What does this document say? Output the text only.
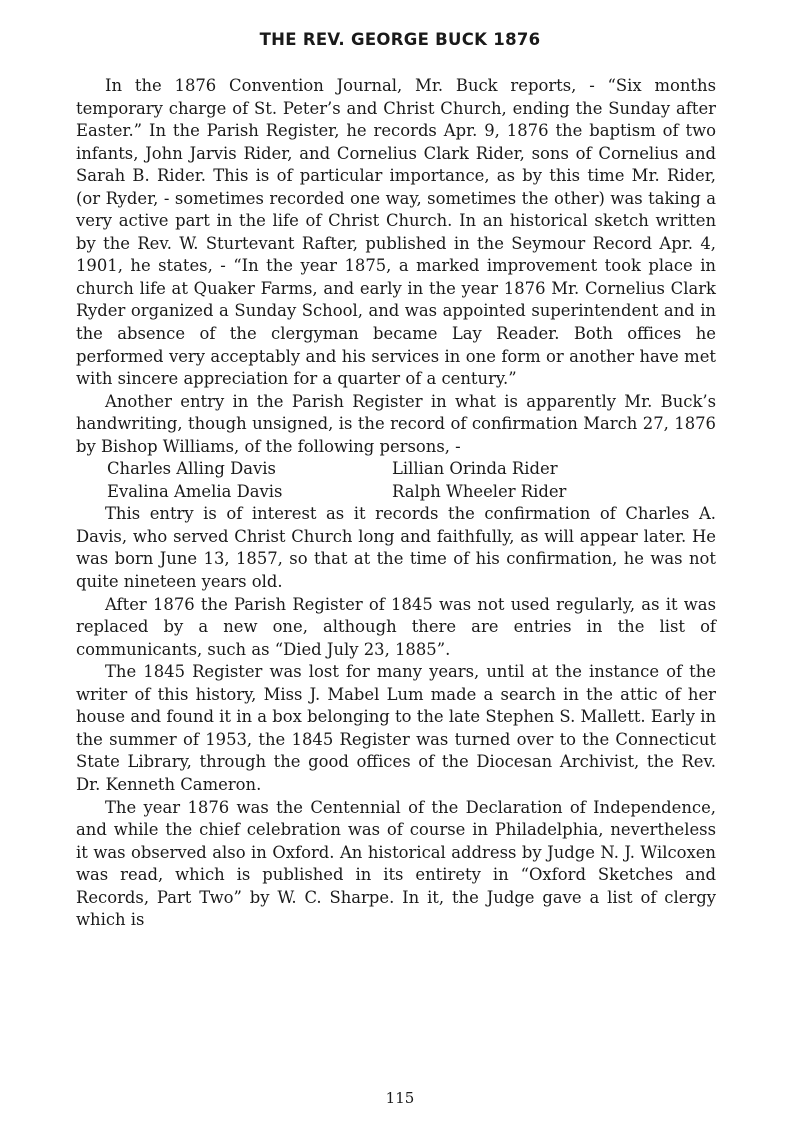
THE REV. GEORGE BUCK 1876

In the 1876 Convention Journal, Mr. Buck reports, - “Six months temporary charge of St. Peter’s and Christ Church, ending the Sunday after Easter.” In the Parish Register, he records Apr. 9, 1876 the baptism of two infants, John Jarvis Rider, and Cornelius Clark Rider, sons of Cornelius and Sarah B. Rider. This is of particular importance, as by this time Mr. Rider, (or Ryder, - sometimes recorded one way, sometimes the other) was taking a very active part in the life of Christ Church. In an historical sketch written by the Rev. W. Sturtevant Rafter, published in the Seymour Record Apr. 4, 1901, he states, - “In the year 1875, a marked improvement took place in church life at Quaker Farms, and early in the year 1876 Mr. Cornelius Clark Ryder organized a Sunday School, and was appointed superintendent and in the absence of the clergyman became Lay Reader. Both offices he performed very acceptably and his services in one form or another have met with sincere appreciation for a quarter of a century.”

Another entry in the Parish Register in what is apparently Mr. Buck’s handwriting, though unsigned, is the record of confirmation March 27, 1876 by Bishop Williams, of the following persons, -

Charles Alling Davis	Lillian Orinda Rider
Evalina Amelia Davis	Ralph Wheeler Rider

This entry is of interest as it records the confirmation of Charles A. Davis, who served Christ Church long and faithfully, as will appear later. He was born June 13, 1857, so that at the time of his confirmation, he was not quite nineteen years old.

After 1876 the Parish Register of 1845 was not used regularly, as it was replaced by a new one, although there are entries in the list of communicants, such as “Died July 23, 1885”.

The 1845 Register was lost for many years, until at the instance of the writer of this history, Miss J. Mabel Lum made a search in the attic of her house and found it in a box belonging to the late Stephen S. Mallett. Early in the summer of 1953, the 1845 Register was turned over to the Connecticut State Library, through the good offices of the Diocesan Archivist, the Rev. Dr. Kenneth Cameron.

The year 1876 was the Centennial of the Declaration of Independence, and while the chief celebration was of course in Philadelphia, nevertheless it was observed also in Oxford. An historical address by Judge N. J. Wilcoxen was read, which is published in its entirety in “Oxford Sketches and Records, Part Two” by W. C. Sharpe. In it, the Judge gave a list of clergy which is

115
